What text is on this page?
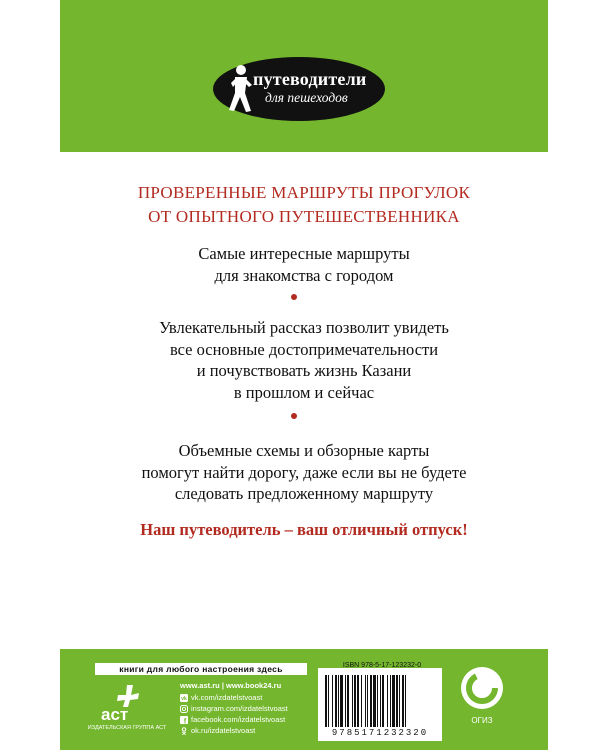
путеводители
для пешеходов
ПРОВЕРЕННЫЕ МАРШРУТЫ ПРОГУЛОК
ОТ ОПЫТНОГО ПУТЕШЕСТВЕННИКА
Самые интересные маршруты
для знакомства с городом
Увлекательный рассказ позволит увидеть
все основные достопримечательности
и почувствовать жизнь Казани
в прошлом и сейчас
Объемные схемы и обзорные карты
помогут найти дорогу, даже если вы не будете
следовать предложенному маршруту
Наш путеводитель – ваш отличный отпуск!
книги для любого настроения здесь
аст
ИЗДАТЕЛЬСКАЯ ГРУППА АСТ
www.ast.ru | www.book24.ru
vk vk.com/izdatelstvoast
instagram.com/izdatelstvoast
f facebook.com/izdatelstvoast
ok.ru/izdatelstvoast
ISBN 978-5-17-123232-0
9785171232320
ОГИЗ
